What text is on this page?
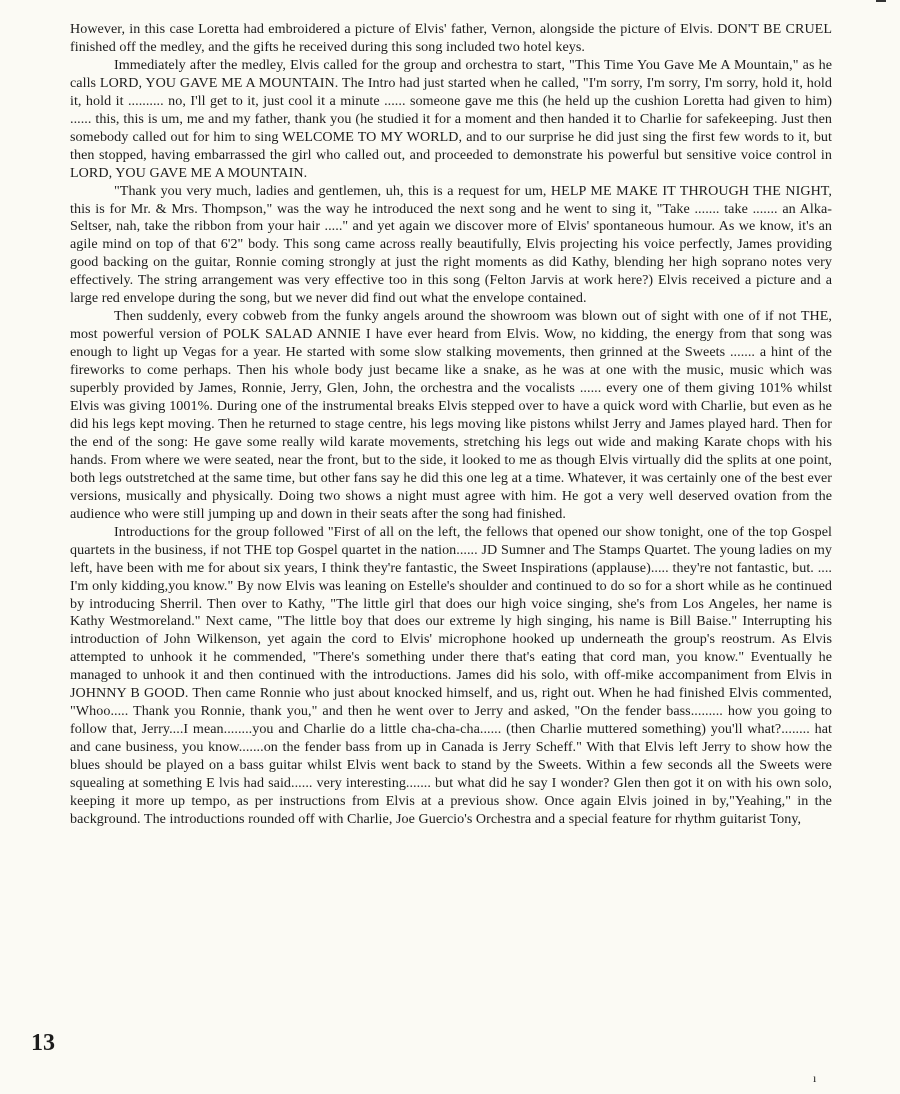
However, in this case Loretta had embroidered a picture of Elvis' father, Vernon, alongside the picture of Elvis. DON'T BE CRUEL finished off the medley, and the gifts he received during this song included two hotel keys.

Immediately after the medley, Elvis called for the group and orchestra to start, "This Time You Gave Me A Mountain," as he calls LORD, YOU GAVE ME A MOUNTAIN. The Intro had just started when he called, "I'm sorry, I'm sorry, I'm sorry, hold it, hold it, hold it .......... no, I'll get to it, just cool it a minute ...... someone gave me this (he held up the cushion Loretta had given to him) ...... this, this is um, me and my father, thank you (he studied it for a moment and then handed it to Charlie for safekeeping. Just then somebody called out for him to sing WELCOME TO MY WORLD, and to our surprise he did just sing the first few words to it, but then stopped, having embarrassed the girl who called out, and proceeded to demonstrate his powerful but sensitive voice control in LORD, YOU GAVE ME A MOUNTAIN.

"Thank you very much, ladies and gentlemen, uh, this is a request for um, HELP ME MAKE IT THROUGH THE NIGHT, this is for Mr. & Mrs. Thompson," was the way he introduced the next song and he went to sing it, "Take ....... take ....... an Alka-Seltser, nah, take the ribbon from your hair ....." and yet again we discover more of Elvis' spontaneous humour. As we know, it's an agile mind on top of that 6'2" body. This song came across really beautifully, Elvis projecting his voice perfectly, James providing good backing on the guitar, Ronnie coming strongly at just the right moments as did Kathy, blending her high soprano notes very effectively. The string arrangement was very effective too in this song (Felton Jarvis at work here?) Elvis received a picture and a large red envelope during the song, but we never did find out what the envelope contained.

Then suddenly, every cobweb from the funky angels around the showroom was blown out of sight with one of if not THE, most powerful version of POLK SALAD ANNIE I have ever heard from Elvis. Wow, no kidding, the energy from that song was enough to light up Vegas for a year. He started with some slow stalking movements, then grinned at the Sweets ....... a hint of the fireworks to come perhaps. Then his whole body just became like a snake, as he was at one with the music, music which was superbly provided by James, Ronnie, Jerry, Glen, John, the orchestra and the vocalists ...... every one of them giving 101% whilst Elvis was giving 1001%. During one of the instrumental breaks Elvis stepped over to have a quick word with Charlie, but even as he did his legs kept moving. Then he returned to stage centre, his legs moving like pistons whilst Jerry and James played hard. Then for the end of the song: He gave some really wild karate movements, stretching his legs out wide and making Karate chops with his hands. From where we were seated, near the front, but to the side, it looked to me as though Elvis virtually did the splits at one point, both legs outstretched at the same time, but other fans say he did this one leg at a time. Whatever, it was certainly one of the best ever versions, musically and physically. Doing two shows a night must agree with him. He got a very well deserved ovation from the audience who were still jumping up and down in their seats after the song had finished.

Introductions for the group followed "First of all on the left, the fellows that opened our show tonight, one of the top Gospel quartets in the business, if not THE top Gospel quartet in the nation...... JD Sumner and The Stamps Quartet. The young ladies on my left, have been with me for about six years, I think they're fantastic, the Sweet Inspirations (applause)..... they're not fantastic, but. .... I'm only kidding,you know." By now Elvis was leaning on Estelle's shoulder and continued to do so for a short while as he continued by introducing Sherril. Then over to Kathy, "The little girl that does our high voice singing, she's from Los Angeles, her name is Kathy Westmoreland." Next came, "The little boy that does our extreme ly high singing, his name is Bill Baise." Interrupting his introduction of John Wilkenson, yet again the cord to Elvis' microphone hooked up underneath the group's reostrum. As Elvis attempted to unhook it he commended, "There's something under there that's eating that cord man, you know." Eventually he managed to unhook it and then continued with the introductions. James did his solo, with off-mike accompaniment from Elvis in JOHNNY B GOOD. Then came Ronnie who just about knocked himself, and us, right out. When he had finished Elvis commented, "Whoo..... Thank you Ronnie, thank you," and then he went over to Jerry and asked, "On the fender bass......... how you going to follow that, Jerry....I mean........you and Charlie do a little cha-cha-cha...... (then Charlie muttered something) you'll what?........ hat and cane business, you know.......on the fender bass from up in Canada is Jerry Scheff." With that Elvis left Jerry to show how the blues should be played on a bass guitar whilst Elvis went back to stand by the Sweets. Within a few seconds all the Sweets were squealing at something E lvis had said...... very interesting....... but what did he say I wonder? Glen then got it on with his own solo, keeping it more up tempo, as per instructions from Elvis at a previous show. Once again Elvis joined in by,"Yeahing," in the background. The introductions rounded off with Charlie, Joe Guercio's Orchestra and a special feature for rhythm guitarist Tony,

13
ı
